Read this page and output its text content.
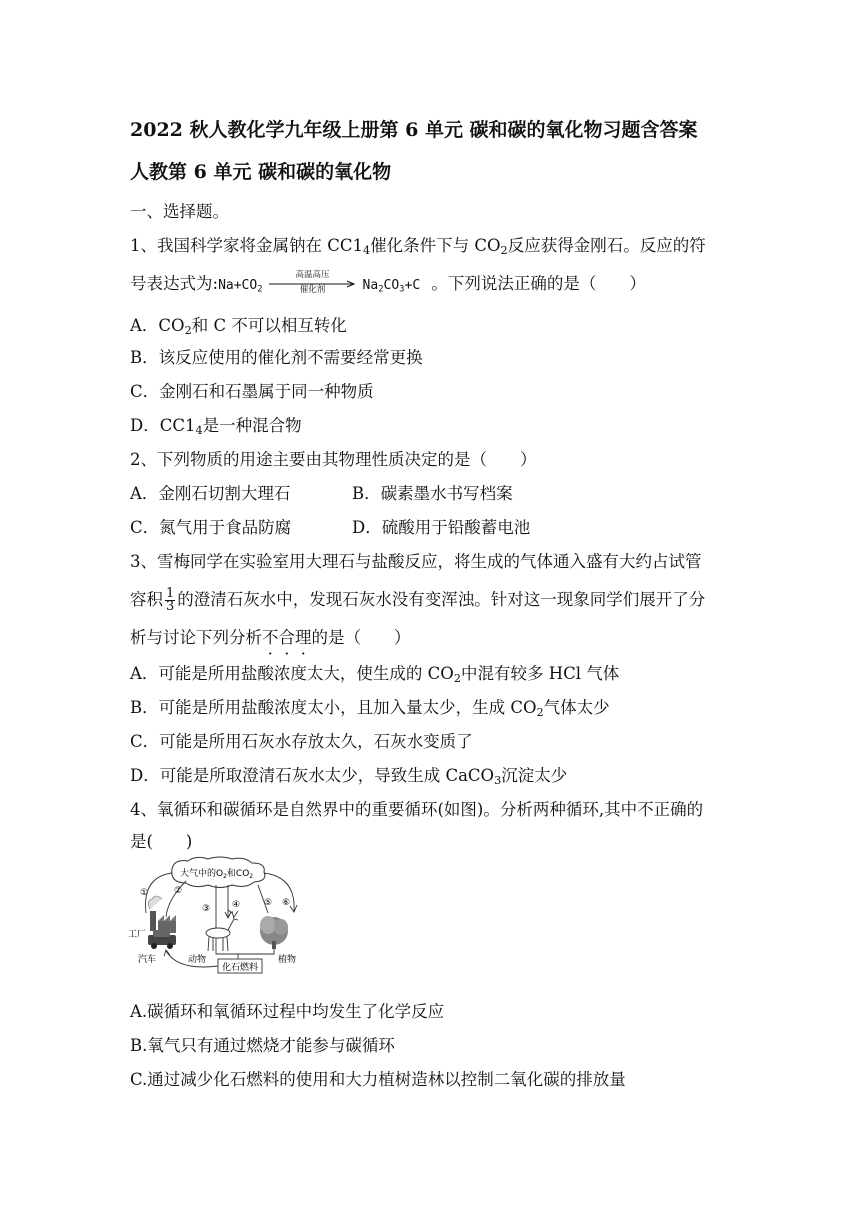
2022 秋人教化学九年级上册第 6 单元 碳和碳的氧化物习题含答案
人教第 6 单元 碳和碳的氧化物
一、选择题。
1、我国科学家将金属钠在 $CC1_4$催化条件下与 $CO_2$反应获得金刚石。反应的符
号表达式为$:Na+CO_2$
高温高压
催化剂	$Na_2CO_3+C$ 。下列说法正确的是（　　）
A．$CO_2$和 C 不可以相互转化
B．该反应使用的催化剂不需要经常更换
C．金刚石和石墨属于同一种物质
D．$CC1_4$是一种混合物
2、下列物质的用途主要由其物理性质决定的是（　　）
A．金刚石切割大理石	B．碳素墨水书写档案
C．氮气用于食品防腐	D．硫酸用于铅酸蓄电池
3、雪梅同学在实验室用大理石与盐酸反应，将生成的气体通入盛有大约占试管
容积 $\frac{1}{3}$ 的澄清石灰水中，发现石灰水没有变浑浊。针对这一现象同学们展开了分
析与讨论下列分析不合理的是（　　）
A．可能是所用盐酸浓度太大，使生成的 $CO_2$中混有较多 HCl 气体
B．可能是所用盐酸浓度太小，且加入量太少，生成 $CO_2$气体太少
C．可能是所用石灰水存放太久，石灰水变质了
D．可能是所取澄清石灰水太少，导致生成 CaCO$_3$沉淀太少
4、氧循环和碳循环是自然界中的重要循环(如图)。分析两种循环,其中不正确的
是(　　)
大气中的$O_2$和$CO_2$
①	②
③ ④	⑤ ⑥
工厂
汽车	动物	植物
化石燃料
A.碳循环和氧循环过程中均发生了化学反应
B.氧气只有通过燃烧才能参与碳循环
C.通过减少化石燃料的使用和大力植树造林以控制二氧化碳的排放量
